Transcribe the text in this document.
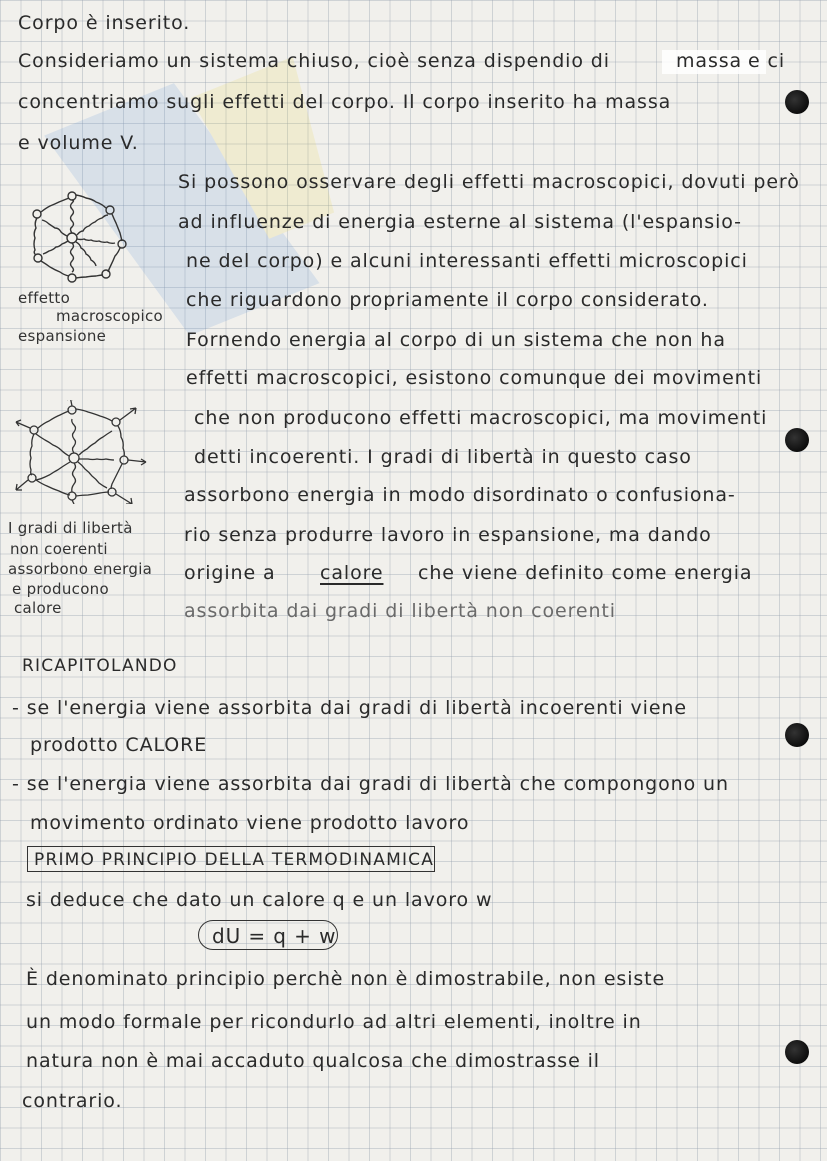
Corpo è inserito.
Consideriamo un sistema chiuso, cioè senza dispendio di	massa e ci
concentriamo sugli effetti del corpo. Il corpo inserito ha massa
e volume V.
Si possono osservare degli effetti macroscopici, dovuti però
ad influenze di energia esterne al sistema (l'espansio-
ne del corpo) e alcuni interessanti effetti microscopici
che riguardono propriamente il corpo considerato.
Fornendo energia al corpo di un sistema che non ha
effetti macroscopici, esistono comunque dei movimenti
che non producono effetti macroscopici, ma movimenti
detti incoerenti. I gradi di libertà in questo caso
assorbono energia in modo disordinato o confusiona-
rio senza produrre lavoro in espansione, ma dando
origine a calore che viene definito come energia
assorbita dai gradi di libertà non coerenti
effetto
macroscopico
espansione
I gradi di libertà
non coerenti
assorbono energia
e producono
calore
RICAPITOLANDO
- se l'energia viene assorbita dai gradi di libertà incoerenti viene
prodotto CALORE
- se l'energia viene assorbita dai gradi di libertà che compongono un
movimento ordinato viene prodotto lavoro
PRIMO PRINCIPIO DELLA TERMODINAMICA
si deduce che dato un calore q e un lavoro w
dU = q + w
È denominato principio perchè non è dimostrabile, non esiste
un modo formale per ricondurlo ad altri elementi, inoltre in
natura non è mai accaduto qualcosa che dimostrasse il
contrario.
